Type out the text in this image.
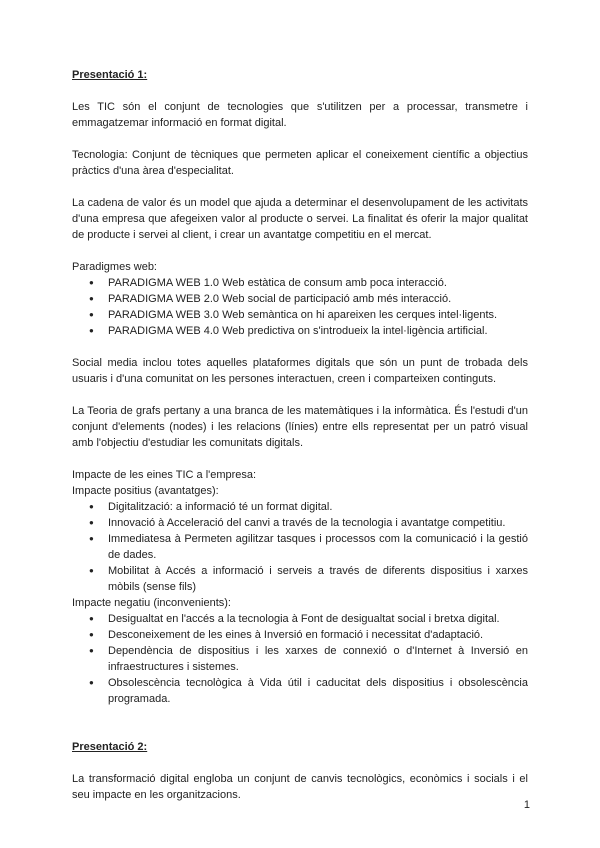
Presentació 1:

Les TIC són el conjunt de tecnologies que s'utilitzen per a processar, transmetre i emmagatzemar informació en format digital.

Tecnologia: Conjunt de tècniques que permeten aplicar el coneixement científic a objectius pràctics d'una àrea d'especialitat.

La cadena de valor és un model que ajuda a determinar el desenvolupament de les activitats d'una empresa que afegeixen valor al producte o servei. La finalitat és oferir la major qualitat de producte i servei al client, i crear un avantatge competitiu en el mercat.

Paradigmes web:
● PARADIGMA WEB 1.0 Web estàtica de consum amb poca interacció.
● PARADIGMA WEB 2.0 Web social de participació amb més interacció.
● PARADIGMA WEB 3.0 Web semàntica on hi apareixen les cerques intel·ligents.
● PARADIGMA WEB 4.0 Web predictiva on s'introdueix la intel·ligència artificial.

Social media inclou totes aquelles plataformes digitals que són un punt de trobada dels usuaris i d'una comunitat on les persones interactuen, creen i comparteixen continguts.

La Teoria de grafs pertany a una branca de les matemàtiques i la informàtica. És l'estudi d'un conjunt d'elements (nodes) i les relacions (línies) entre ells representat per un patró visual amb l'objectiu d'estudiar les comunitats digitals.

Impacte de les eines TIC a l'empresa:
Impacte positius (avantatges):
● Digitalització: a informació té un format digital.
● Innovació à Acceleració del canvi a través de la tecnologia i avantatge competitiu.
● Immediatesa à Permeten agilitzar tasques i processos com la comunicació i la gestió de dades.
● Mobilitat à Accés a informació i serveis a través de diferents dispositius i xarxes mòbils (sense fils)
Impacte negatiu (inconvenients):
● Desigualtat en l'accés a la tecnologia à Font de desigualtat social i bretxa digital.
● Desconeixement de les eines à Inversió en formació i necessitat d'adaptació.
● Dependència de dispositius i les xarxes de connexió o d'Internet à Inversió en infraestructures i sistemes.
● Obsolescència tecnològica à Vida útil i caducitat dels dispositius i obsolescència programada.
Presentació 2:

La transformació digital engloba un conjunt de canvis tecnològics, econòmics i socials i el seu impacte en les organitzacions.

1
